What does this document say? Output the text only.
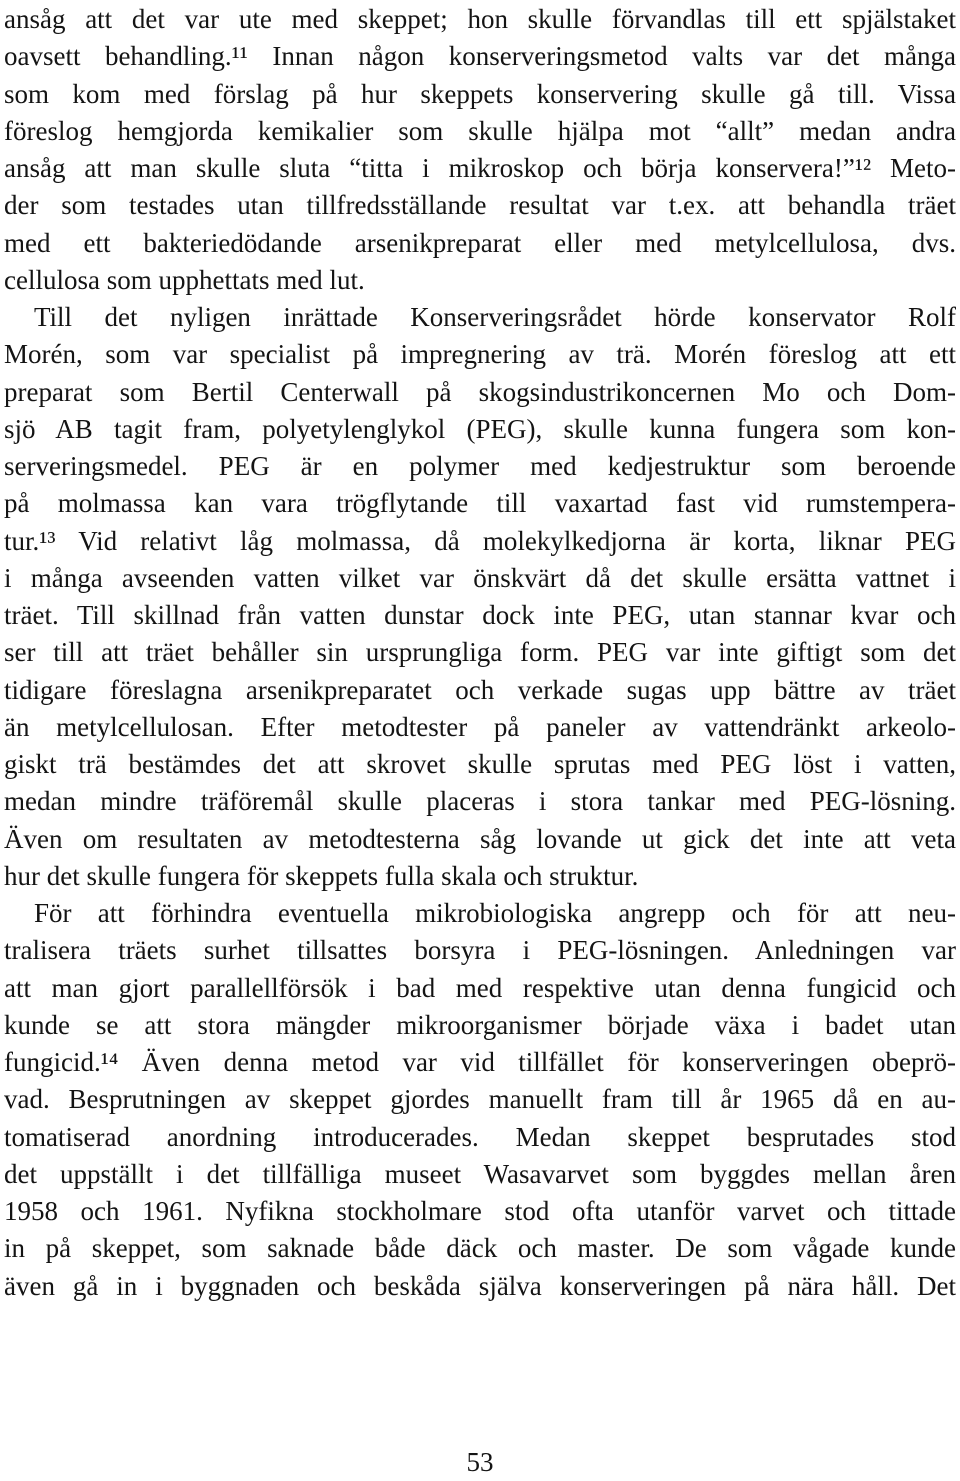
ansåg att det var ute med skeppet; hon skulle förvandlas till ett spjälstaket
oavsett behandling.¹¹ Innan någon konserveringsmetod valts var det många
som kom med förslag på hur skeppets konservering skulle gå till. Vissa
föreslog hemgjorda kemikalier som skulle hjälpa mot “allt” medan andra
ansåg att man skulle sluta “titta i mikroskop och börja konservera!”¹² Meto-
der som testades utan tillfredsställande resultat var t.ex. att behandla träet
med ett bakteriedödande arsenikpreparat eller med metylcellulosa, dvs.
cellulosa som upphettats med lut.
Till det nyligen inrättade Konserveringsrådet hörde konservator Rolf
Morén, som var specialist på impregnering av trä. Morén föreslog att ett
preparat som Bertil Centerwall på skogsindustrikoncernen Mo och Dom-
sjö AB tagit fram, polyetylenglykol (PEG), skulle kunna fungera som kon-
serveringsmedel. PEG är en polymer med kedjestruktur som beroende
på molmassa kan vara trögflytande till vaxartad fast vid rumstempera-
tur.¹³ Vid relativt låg molmassa, då molekylkedjorna är korta, liknar PEG
i många avseenden vatten vilket var önskvärt då det skulle ersätta vattnet i
träet. Till skillnad från vatten dunstar dock inte PEG, utan stannar kvar och
ser till att träet behåller sin ursprungliga form. PEG var inte giftigt som det
tidigare föreslagna arsenikpreparatet och verkade sugas upp bättre av träet
än metylcellulosan. Efter metodtester på paneler av vattendränkt arkeolo-
giskt trä bestämdes det att skrovet skulle sprutas med PEG löst i vatten,
medan mindre träföremål skulle placeras i stora tankar med PEG-lösning.
Även om resultaten av metodtesterna såg lovande ut gick det inte att veta
hur det skulle fungera för skeppets fulla skala och struktur.
För att förhindra eventuella mikrobiologiska angrepp och för att neu-
tralisera träets surhet tillsattes borsyra i PEG-lösningen. Anledningen var
att man gjort parallellförsök i bad med respektive utan denna fungicid och
kunde se att stora mängder mikroorganismer började växa i badet utan
fungicid.¹⁴ Även denna metod var vid tillfället för konserveringen obeprö-
vad. Besprutningen av skeppet gjordes manuellt fram till år 1965 då en au-
tomatiserad anordning introducerades. Medan skeppet besprutades stod
det uppställt i det tillfälliga museet Wasavarvet som byggdes mellan åren
1958 och 1961. Nyfikna stockholmare stod ofta utanför varvet och tittade
in på skeppet, som saknade både däck och master. De som vågade kunde
även gå in i byggnaden och beskåda själva konserveringen på nära håll. Det
53
